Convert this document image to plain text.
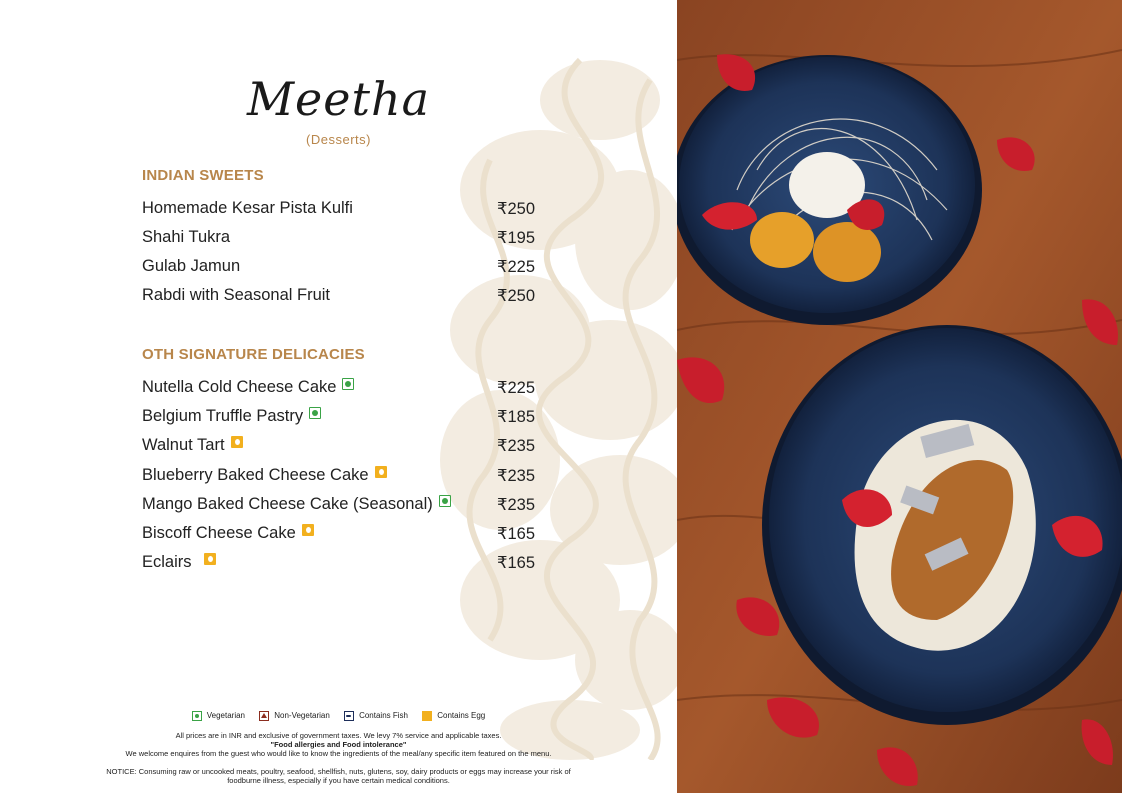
Meetha
(Desserts)
INDIAN SWEETS
Homemade Kesar Pista Kulfi	₹250
Shahi Tukra	₹195
Gulab Jamun	₹225
Rabdi with Seasonal Fruit	₹250
OTH SIGNATURE DELICACIES
Nutella Cold Cheese Cake	₹225
Belgium Truffle Pastry	₹185
Walnut Tart	₹235
Blueberry Baked Cheese Cake	₹235
Mango Baked Cheese Cake (Seasonal)	₹235
Biscoff Cheese Cake	₹165
Eclairs	₹165
Vegetarian	Non-Vegetarian	Contains Fish	Contains Egg
All prices are in INR and exclusive of government taxes. We levy 7% service and applicable taxes.
"Food allergies and Food intolerance"
We welcome enquires from the guest who would like to know the ingredients of the meal/any specific item featured on the menu.
NOTICE: Consuming raw or uncooked meats, poultry, seafood, shellfish, nuts, glutens, soy, dairy products or eggs may increase your risk of
foodburne illness, especially if you have certain medical conditions.
